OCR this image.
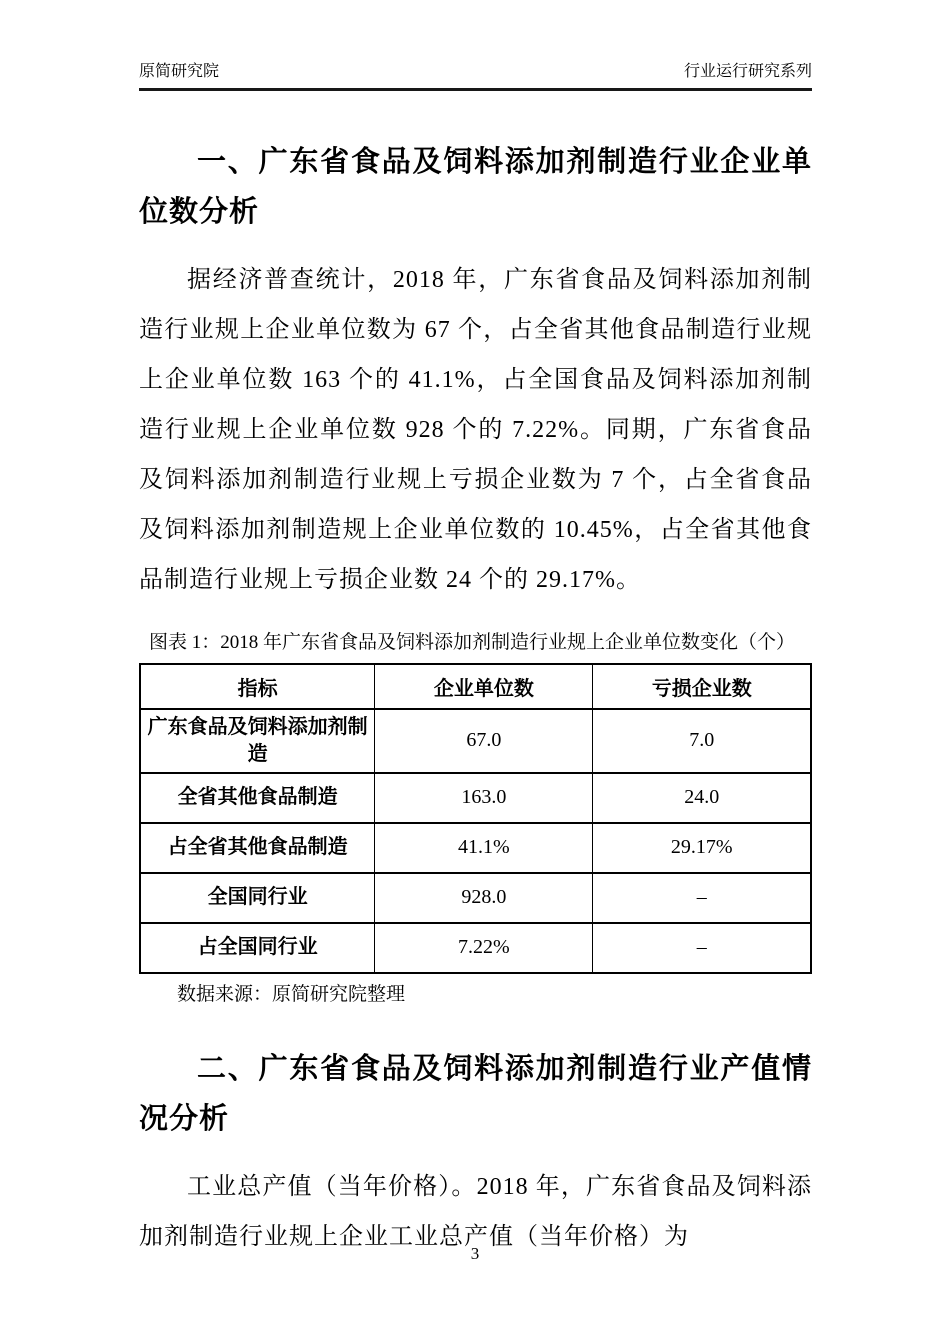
原简研究院	行业运行研究系列
一、广东省食品及饲料添加剂制造行业企业单位数分析

据经济普查统计，2018 年，广东省食品及饲料添加剂制造行业规上企业单位数为 67 个，占全省其他食品制造行业规上企业单位数 163 个的 41.1%，占全国食品及饲料添加剂制造行业规上企业单位数 928 个的 7.22%。同期，广东省食品及饲料添加剂制造行业规上亏损企业数为 7 个，占全省食品及饲料添加剂制造规上企业单位数的 10.45%，占全省其他食品制造行业规上亏损企业数 24 个的 29.17%。

图表 1：2018 年广东省食品及饲料添加剂制造行业规上企业单位数变化（个）
指标	企业单位数	亏损企业数
广东食品及饲料添加剂制造	67.0	7.0
全省其他食品制造	163.0	24.0
占全省其他食品制造	41.1%	29.17%
全国同行业	928.0	–
占全国同行业	7.22%	–
数据来源：原简研究院整理
二、广东省食品及饲料添加剂制造行业产值情况分析

工业总产值（当年价格）。2018 年，广东省食品及饲料添加剂制造行业规上企业工业总产值（当年价格）为

3
